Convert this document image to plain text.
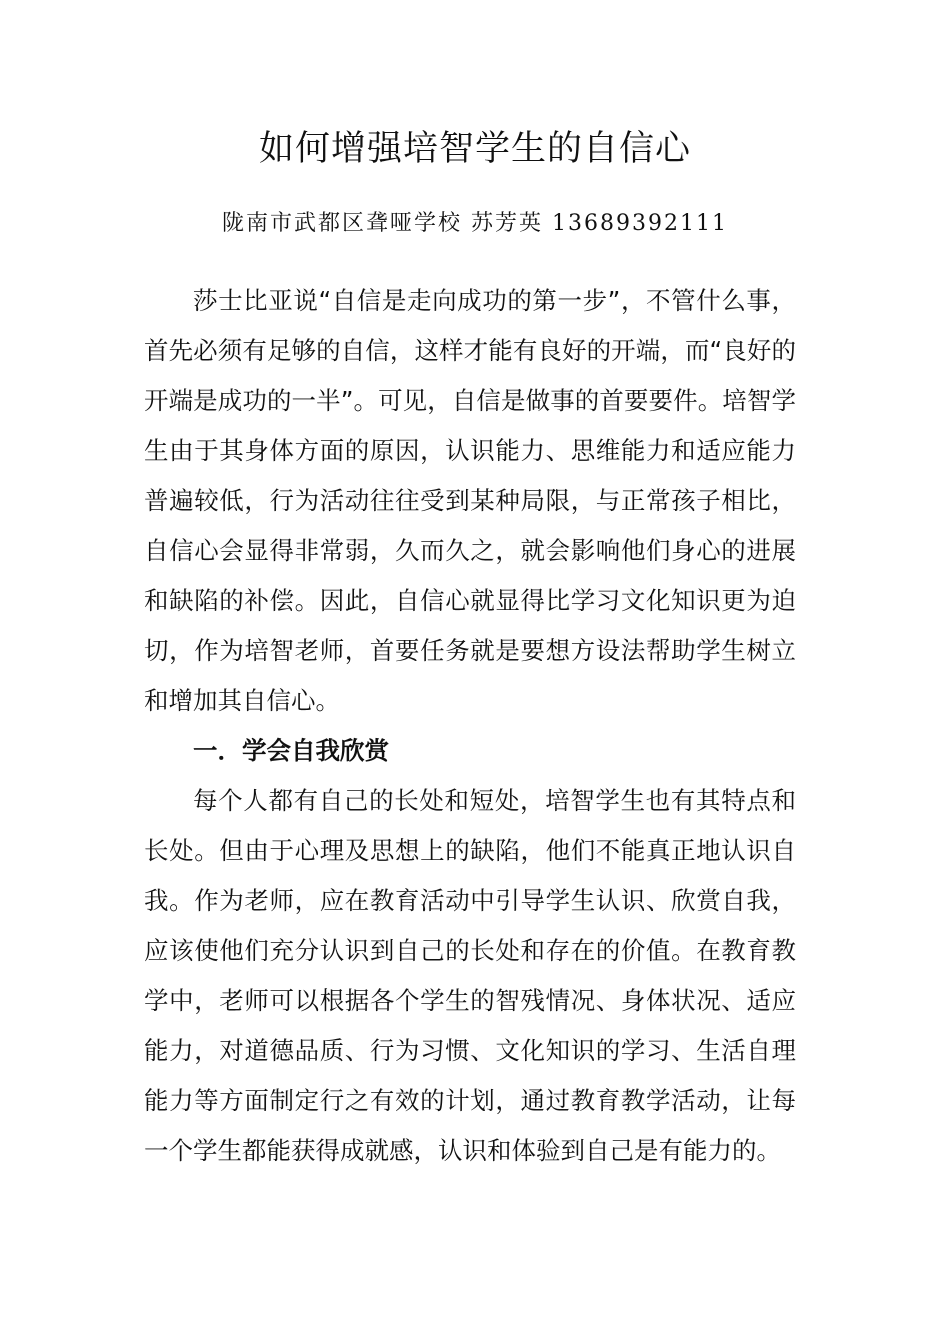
如何增强培智学生的自信心
陇南市武都区聋哑学校 苏芳英 13689392111

莎士比亚说“自信是走向成功的第一步”，不管什么事，首先必须有足够的自信，这样才能有良好的开端，而“良好的开端是成功的一半”。可见，自信是做事的首要要件。培智学生由于其身体方面的原因，认识能力、思维能力和适应能力普遍较低，行为活动往往受到某种局限，与正常孩子相比，自信心会显得非常弱，久而久之，就会影响他们身心的进展和缺陷的补偿。因此，自信心就显得比学习文化知识更为迫切，作为培智老师，首要任务就是要想方设法帮助学生树立和增加其自信心。

一．学会自我欣赏

每个人都有自己的长处和短处，培智学生也有其特点和长处。但由于心理及思想上的缺陷，他们不能真正地认识自我。作为老师，应在教育活动中引导学生认识、欣赏自我，应该使他们充分认识到自己的长处和存在的价值。在教育教学中，老师可以根据各个学生的智残情况、身体状况、适应能力，对道德品质、行为习惯、文化知识的学习、生活自理能力等方面制定行之有效的计划，通过教育教学活动，让每一个学生都能获得成就感，认识和体验到自己是有能力的。
